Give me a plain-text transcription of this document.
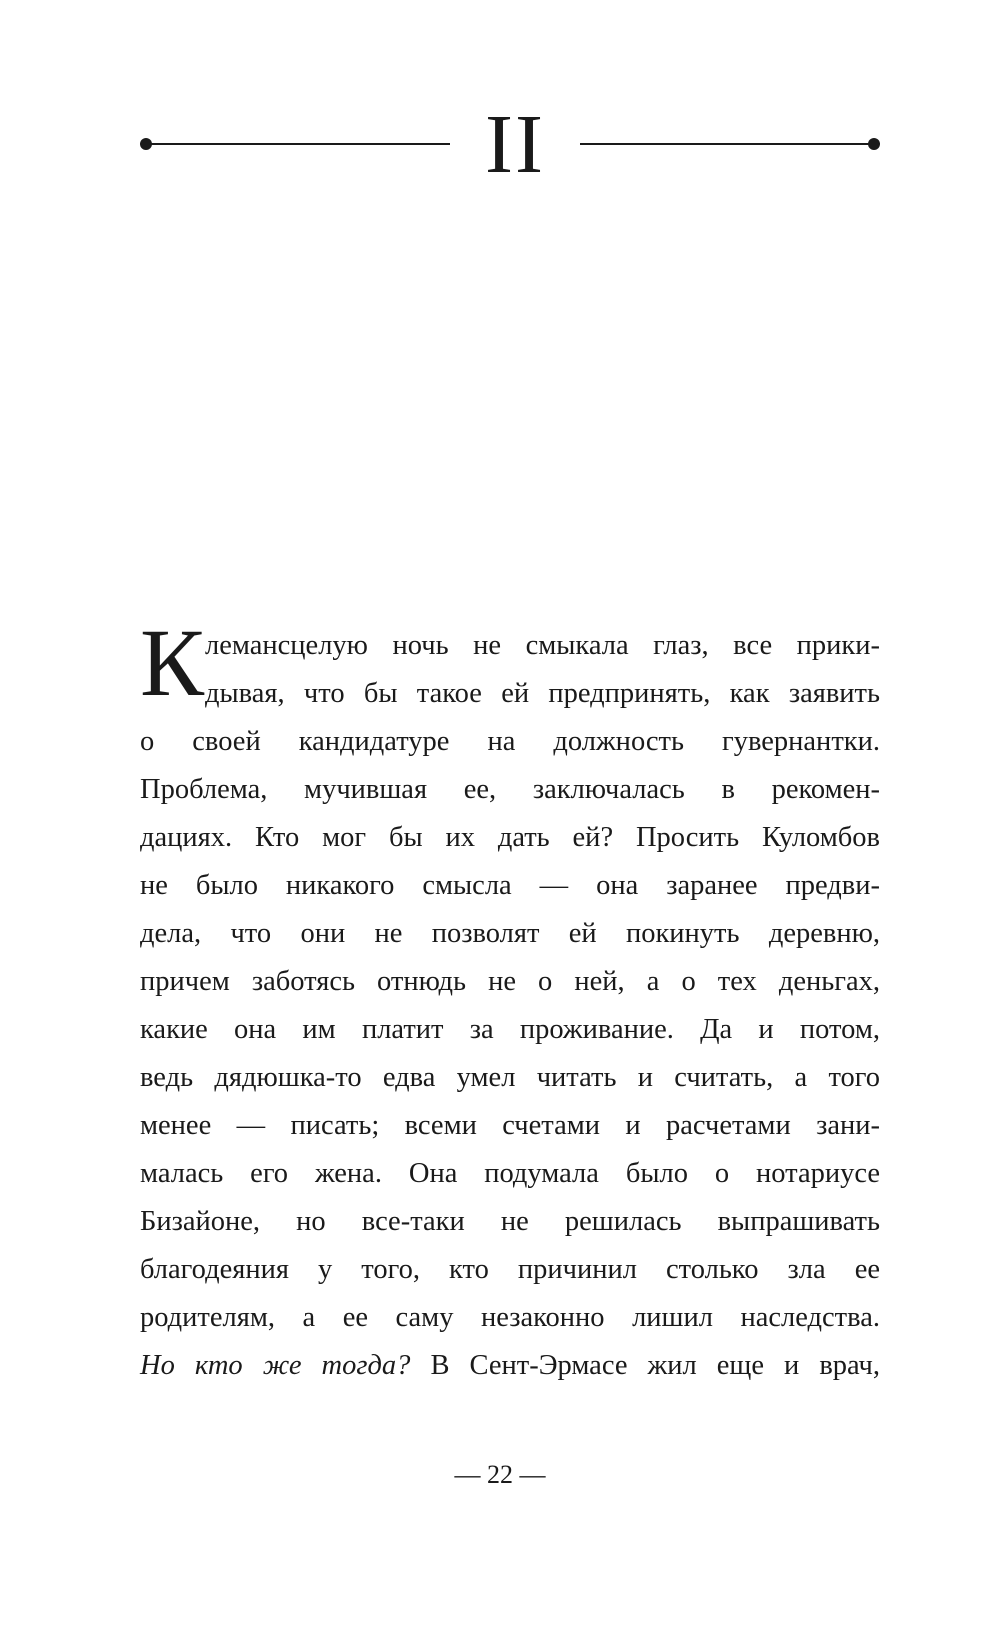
II
К лемансцелую ночь не смыкала глаз, все прики-
дывая, что бы такое ей предпринять, как заявить
о своей кандидатуре на должность гувернантки.
Проблема, мучившая ее, заключалась в рекомен-
дациях. Кто мог бы их дать ей? Просить Куломбов
не было никакого смысла — она заранее предви-
дела, что они не позволят ей покинуть деревню,
причем заботясь отнюдь не о ней, а о тех деньгах,
какие она им платит за проживание. Да и потом,
ведь дядюшка-то едва умел читать и считать, а того
менее — писать; всеми счетами и расчетами зани-
малась его жена. Она подумала было о нотариусе
Бизайоне, но все-таки не решилась выпрашивать
благодеяния у того, кто причинил столько зла ее
родителям, а ее саму незаконно лишил наследства.
Но кто же тогда? В Сент-Эрмасе жил еще и врач,
— 22 —
